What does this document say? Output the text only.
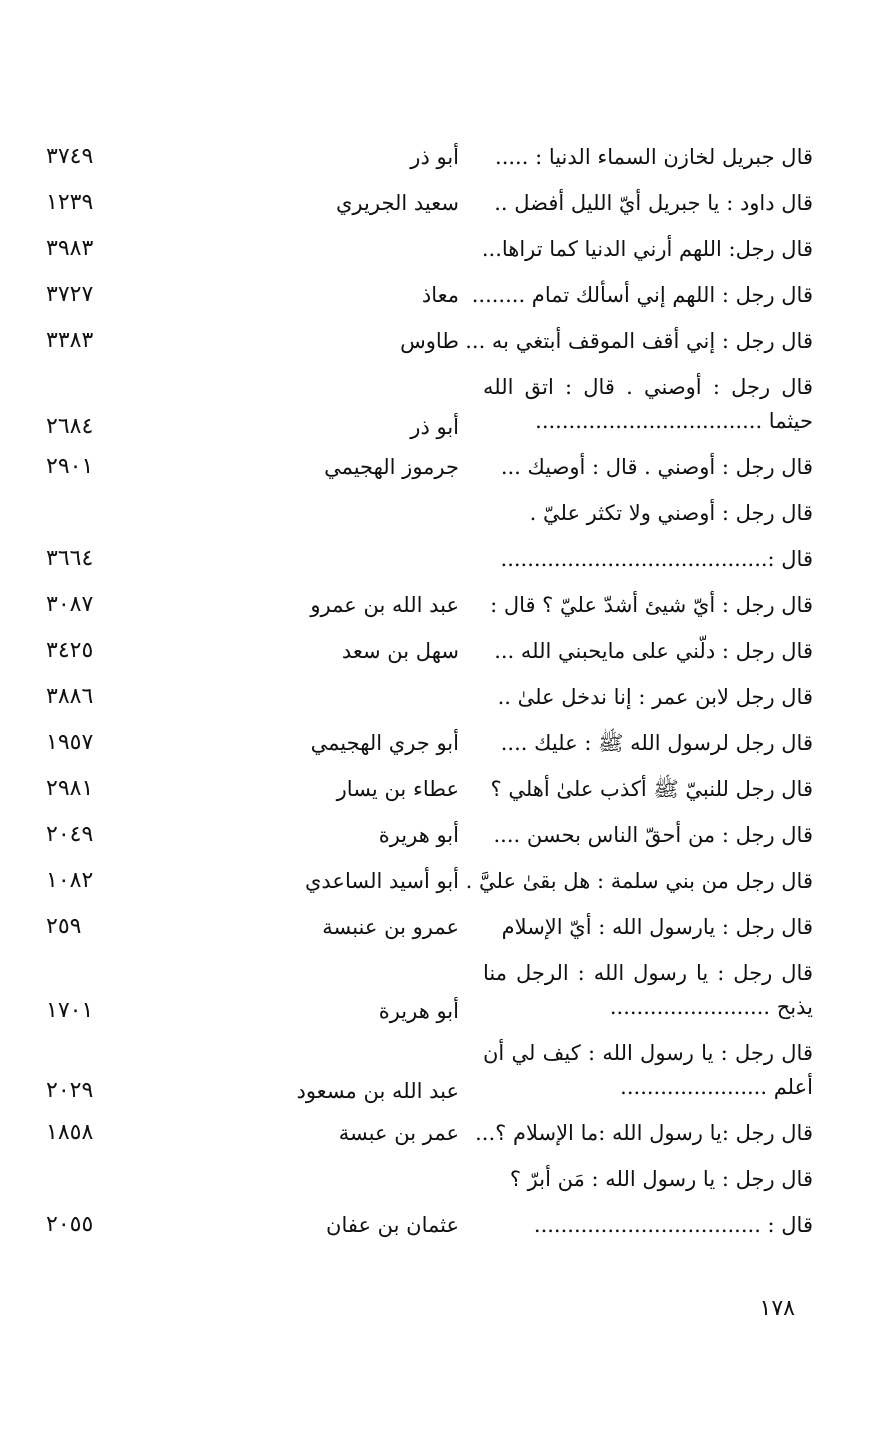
قال جبريل لخازن السماء الدنيا : .....
أبو ذر
٣٧٤٩
قال داود : يا جبريل أيّ الليل أفضل ..
سعيد الجريري
١٢٣٩
قال رجل: اللهم أرني الدنيا كما تراها...
٣٩٨٣
قال رجل : اللهم إني أسألك تمام ........
معاذ
٣٧٢٧
قال رجل : إني أقف الموقف أبتغي به ...
طاوس
٣٣٨٣
قال رجل : أوصني . قال : اتق الله حيثما ..................................
أبو ذر
٢٦٨٤
قال رجل : أوصني . قال : أوصيك ...
جرموز الهجيمي
٢٩٠١
قال رجل : أوصني ولا تكثر عليّ .
قال :........................................
٣٦٦٤
قال رجل : أيّ شيئ أشدّ عليّ ؟ قال :
عبد الله بن عمرو
٣٠٨٧
قال رجل : دلّني على مايحبني الله ...
سهل بن سعد
٣٤٢٥
قال رجل لابن عمر : إنا ندخل علىٰ ..
٣٨٨٦
قال رجل لرسول الله ﷺ : عليك ....
أبو جري الهجيمي
١٩٥٧
قال رجل للنبيّ ﷺ أكذب علىٰ أهلي ؟
عطاء بن يسار
٢٩٨١
قال رجل : من أحقّ الناس بحسن ....
أبو هريرة
٢٠٤٩
قال رجل من بني سلمة : هل بقىٰ عليَّ .
أبو أسيد الساعدي
١٠٨٢
قال رجل : يارسول الله : أيّ الإسلام
عمرو بن عنبسة
٢٥٩
قال رجل : يا رسول الله : الرجل منا يذبح ........................
أبو هريرة
١٧٠١
قال رجل : يا رسول الله : كيف لي أن أعلم ......................
عبد الله بن مسعود
٢٠٢٩
قال رجل :يا رسول الله :ما الإسلام ؟...
عمر بن عبسة
١٨٥٨
قال رجل : يا رسول الله : مَن أبرّ ؟
قال : ..................................
عثمان بن عفان
٢٠٥٥
١٧٨
